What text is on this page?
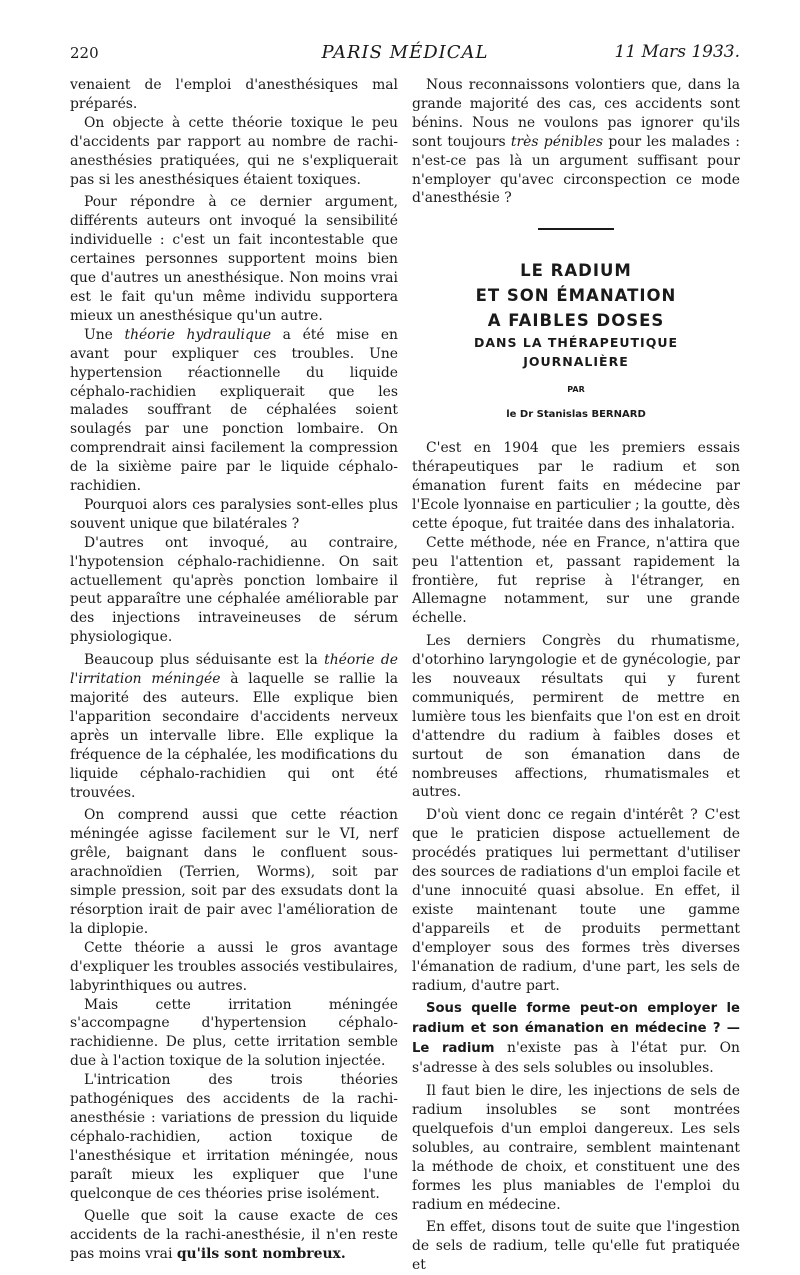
220	PARIS MÉDICAL	11 Mars 1933.

venaient de l'emploi d'anesthésiques mal préparés.

On objecte à cette théorie toxique le peu d'accidents par rapport au nombre de rachi-anesthésies pratiquées, qui ne s'expliquerait pas si les anesthésiques étaient toxiques.

Pour répondre à ce dernier argument, différents auteurs ont invoqué la sensibilité individuelle : c'est un fait incontestable que certaines personnes supportent moins bien que d'autres un anesthésique. Non moins vrai est le fait qu'un même individu supportera mieux un anesthésique qu'un autre.

Une théorie hydraulique a été mise en avant pour expliquer ces troubles. Une hypertension réactionnelle du liquide céphalo-rachidien expliquerait que les malades souffrant de céphalées soient soulagés par une ponction lombaire. On comprendrait ainsi facilement la compression de la sixième paire par le liquide céphalo-rachidien.

Pourquoi alors ces paralysies sont-elles plus souvent unique que bilatérales ?

D'autres ont invoqué, au contraire, l'hypotension céphalo-rachidienne. On sait actuellement qu'après ponction lombaire il peut apparaître une céphalée améliorable par des injections intraveineuses de sérum physiologique.

Beaucoup plus séduisante est la théorie de l'irritation méningée à laquelle se rallie la majorité des auteurs. Elle explique bien l'apparition secondaire d'accidents nerveux après un intervalle libre. Elle explique la fréquence de la céphalée, les modifications du liquide céphalo-rachidien qui ont été trouvées.

On comprend aussi que cette réaction méningée agisse facilement sur le VI, nerf grêle, baignant dans le confluent sous-arachnoïdien (Terrien, Worms), soit par simple pression, soit par des exsudats dont la résorption irait de pair avec l'amélioration de la diplopie.

Cette théorie a aussi le gros avantage d'expliquer les troubles associés vestibulaires, labyrinthiques ou autres.

Mais cette irritation méningée s'accompagne d'hypertension céphalo-rachidienne. De plus, cette irritation semble due à l'action toxique de la solution injectée.

L'intrication des trois théories pathogéniques des accidents de la rachi-anesthésie : variations de pression du liquide céphalo-rachidien, action toxique de l'anesthésique et irritation méningée, nous paraît mieux les expliquer que l'une quelconque de ces théories prise isolément.

Quelle que soit la cause exacte de ces accidents de la rachi-anesthésie, il n'en reste pas moins vrai qu'ils sont nombreux.

Nous reconnaissons volontiers que, dans la grande majorité des cas, ces accidents sont bénins. Nous ne voulons pas ignorer qu'ils sont toujours très pénibles pour les malades : n'est-ce pas là un argument suffisant pour n'employer qu'avec circonspection ce mode d'anesthésie ?

LE RADIUM
ET SON ÉMANATION
A FAIBLES DOSES
DANS LA THÉRAPEUTIQUE
JOURNALIÈRE
PAR
le Dr Stanislas BERNARD

C'est en 1904 que les premiers essais thérapeutiques par le radium et son émanation furent faits en médecine par l'Ecole lyonnaise en particulier ; la goutte, dès cette époque, fut traitée dans des inhalatoria.

Cette méthode, née en France, n'attira que peu l'attention et, passant rapidement la frontière, fut reprise à l'étranger, en Allemagne notamment, sur une grande échelle.

Les derniers Congrès du rhumatisme, d'otorhino laryngologie et de gynécologie, par les nouveaux résultats qui y furent communiqués, permirent de mettre en lumière tous les bienfaits que l'on est en droit d'attendre du radium à faibles doses et surtout de son émanation dans de nombreuses affections, rhumatismales et autres.

D'où vient donc ce regain d'intérêt ? C'est que le praticien dispose actuellement de procédés pratiques lui permettant d'utiliser des sources de radiations d'un emploi facile et d'une innocuité quasi absolue. En effet, il existe maintenant toute une gamme d'appareils et de produits permettant d'employer sous des formes très diverses l'émanation de radium, d'une part, les sels de radium, d'autre part.

Sous quelle forme peut-on employer le radium et son émanation en médecine ? — Le radium n'existe pas à l'état pur. On s'adresse à des sels solubles ou insolubles.

Il faut bien le dire, les injections de sels de radium insolubles se sont montrées quelquefois d'un emploi dangereux. Les sels solubles, au contraire, semblent maintenant la méthode de choix, et constituent une des formes les plus maniables de l'emploi du radium en médecine.

En effet, disons tout de suite que l'ingestion de sels de radium, telle qu'elle fut pratiquée et
